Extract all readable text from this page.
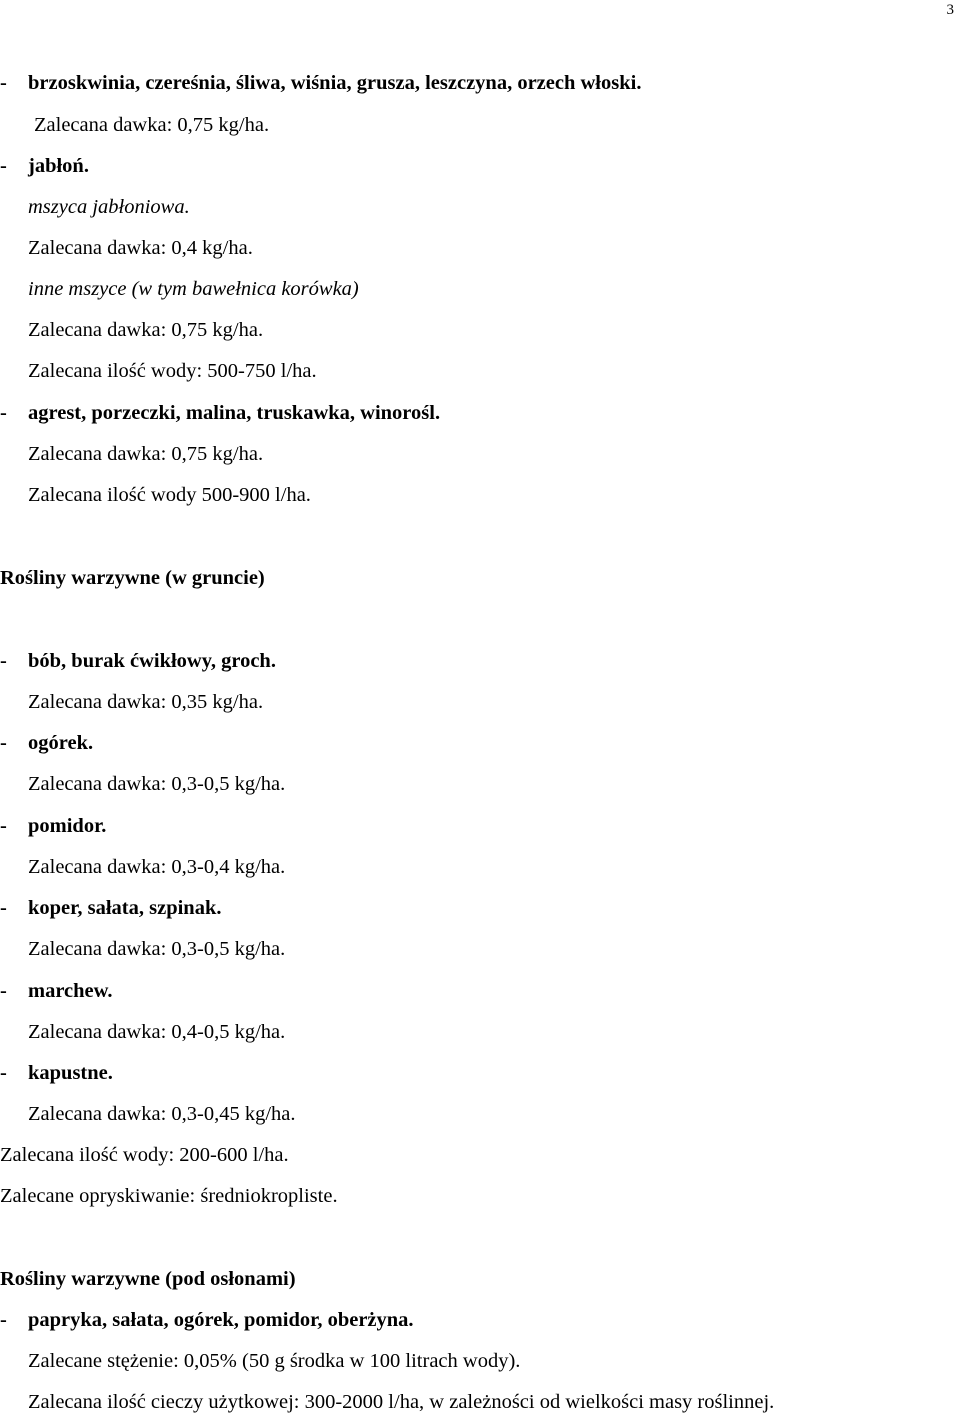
3
- brzoskwinia, czereśnia, śliwa, wiśnia, grusza, leszczyna, orzech włoski.
Zalecana dawka: 0,75 kg/ha.
- jabłoń.
mszyca jabłoniowa.
Zalecana dawka: 0,4 kg/ha.
inne mszyce (w tym bawełnica korówka)
Zalecana dawka: 0,75 kg/ha.
Zalecana ilość wody: 500-750 l/ha.
- agrest, porzeczki, malina, truskawka, winorośl.
Zalecana dawka: 0,75 kg/ha.
Zalecana ilość wody 500-900 l/ha.
Rośliny warzywne (w gruncie)
- bób, burak ćwikłowy, groch.
Zalecana dawka: 0,35 kg/ha.
- ogórek.
Zalecana dawka: 0,3-0,5 kg/ha.
- pomidor.
Zalecana dawka: 0,3-0,4 kg/ha.
- koper, sałata, szpinak.
Zalecana dawka: 0,3-0,5 kg/ha.
- marchew.
Zalecana dawka: 0,4-0,5 kg/ha.
- kapustne.
Zalecana dawka: 0,3-0,45 kg/ha.
Zalecana ilość wody: 200-600 l/ha.
Zalecane opryskiwanie: średniokropliste.
Rośliny warzywne (pod osłonami)
- papryka, sałata, ogórek, pomidor, oberżyna.
Zalecane stężenie: 0,05% (50 g środka w 100 litrach wody).
Zalecana ilość cieczy użytkowej: 300-2000 l/ha, w zależności od wielkości masy roślinnej.
